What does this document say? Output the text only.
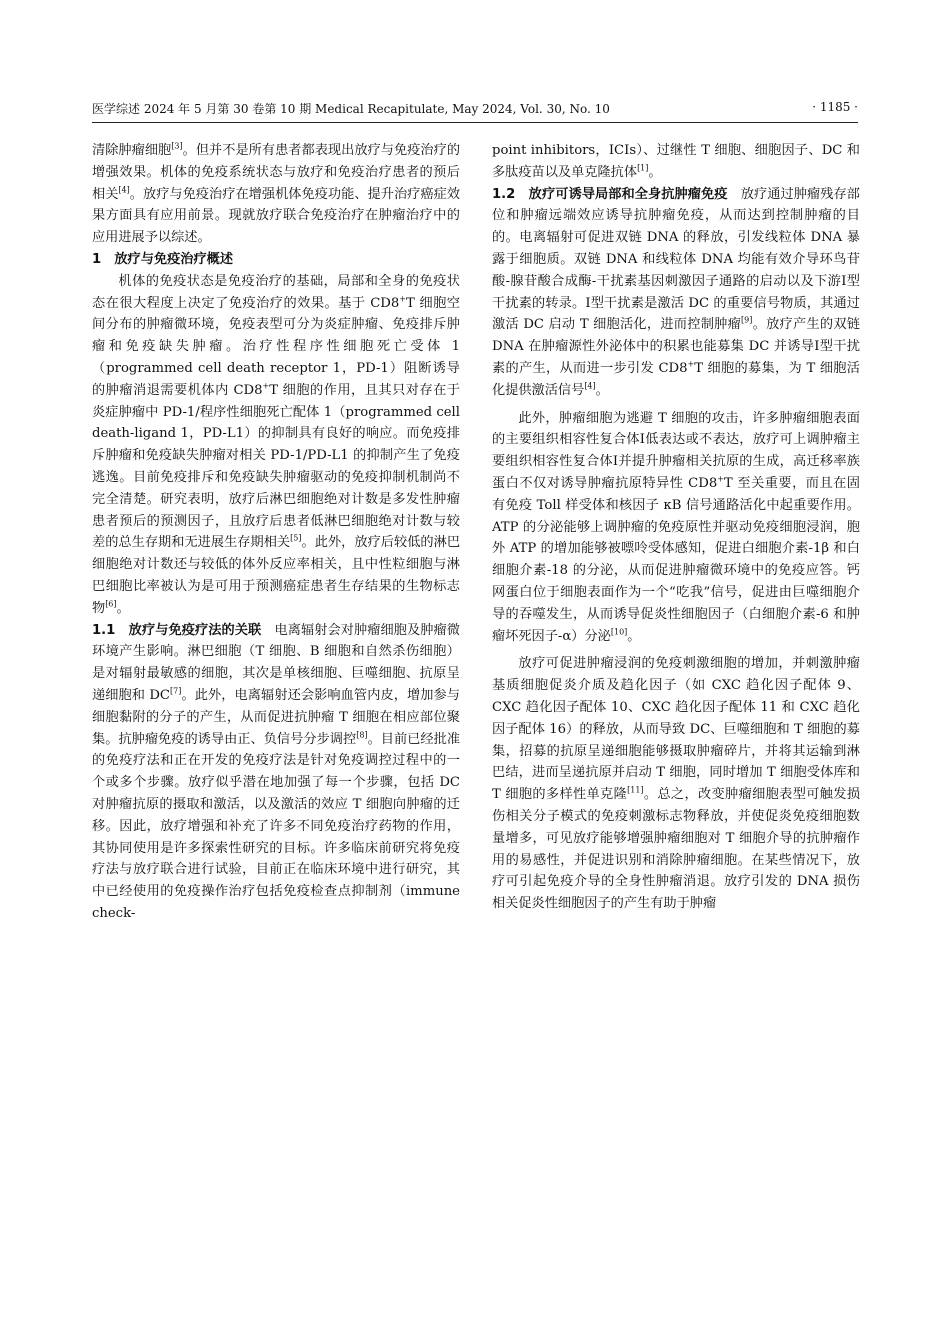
医学综述 2024 年 5 月第 30 卷第 10 期 Medical Recapitulate, May 2024, Vol. 30, No. 10	· 1185 ·

清除肿瘤细胞[3]。但并不是所有患者都表现出放疗与免疫治疗的增强效果。机体的免疫系统状态与放疗和免疫治疗患者的预后相关[4]。放疗与免疫治疗在增强机体免疫功能、提升治疗癌症效果方面具有应用前景。现就放疗联合免疫治疗在肿瘤治疗中的应用进展予以综述。

1　放疗与免疫治疗概述

机体的免疫状态是免疫治疗的基础，局部和全身的免疫状态在很大程度上决定了免疫治疗的效果。基于 CD8+T 细胞空间分布的肿瘤微环境，免疫表型可分为炎症肿瘤、免疫排斥肿瘤和免疫缺失肿瘤。治疗性程序性细胞死亡受体 1（programmed cell death receptor 1，PD-1）阻断诱导的肿瘤消退需要机体内 CD8+T 细胞的作用，且其只对存在于炎症肿瘤中 PD-1/程序性细胞死亡配体 1（programmed cell death-ligand 1，PD-L1）的抑制具有良好的响应。而免疫排斥肿瘤和免疫缺失肿瘤对相关 PD-1/PD-L1 的抑制产生了免疫逃逸。目前免疫排斥和免疫缺失肿瘤驱动的免疫抑制机制尚不完全清楚。研究表明，放疗后淋巴细胞绝对计数是多发性肿瘤患者预后的预测因子，且放疗后患者低淋巴细胞绝对计数与较差的总生存期和无进展生存期相关[5]。此外，放疗后较低的淋巴细胞绝对计数还与较低的体外反应率相关，且中性粒细胞与淋巴细胞比率被认为是可用于预测癌症患者生存结果的生物标志物[6]。

1.1　放疗与免疫疗法的关联　电离辐射会对肿瘤细胞及肿瘤微环境产生影响。淋巴细胞（T 细胞、B 细胞和自然杀伤细胞）是对辐射最敏感的细胞，其次是单核细胞、巨噬细胞、抗原呈递细胞和 DC[7]。此外，电离辐射还会影响血管内皮，增加参与细胞黏附的分子的产生，从而促进抗肿瘤 T 细胞在相应部位聚集。抗肿瘤免疫的诱导由正、负信号分步调控[8]。目前已经批准的免疫疗法和正在开发的免疫疗法是针对免疫调控过程中的一个或多个步骤。放疗似乎潜在地加强了每一个步骤，包括 DC 对肿瘤抗原的摄取和激活，以及激活的效应 T 细胞向肿瘤的迁移。因此，放疗增强和补充了许多不同免疫治疗药物的作用，其协同使用是许多探索性研究的目标。许多临床前研究将免疫疗法与放疗联合进行试验，目前正在临床环境中进行研究，其中已经使用的免疫操作治疗包括免疫检查点抑制剂（immune check-

point inhibitors，ICIs）、过继性 T 细胞、细胞因子、DC 和多肽疫苗以及单克隆抗体[1]。

1.2　放疗可诱导局部和全身抗肿瘤免疫　放疗通过肿瘤残存部位和肿瘤远端效应诱导抗肿瘤免疫，从而达到控制肿瘤的目的。电离辐射可促进双链 DNA 的释放，引发线粒体 DNA 暴露于细胞质。双链 DNA 和线粒体 DNA 均能有效介导环鸟苷酸-腺苷酸合成酶-干扰素基因刺激因子通路的启动以及下游Ⅰ型干扰素的转录。Ⅰ型干扰素是激活 DC 的重要信号物质，其通过激活 DC 启动 T 细胞活化，进而控制肿瘤[9]。放疗产生的双链 DNA 在肿瘤源性外泌体中的积累也能募集 DC 并诱导Ⅰ型干扰素的产生，从而进一步引发 CD8+T 细胞的募集，为 T 细胞活化提供激活信号[4]。

此外，肿瘤细胞为逃避 T 细胞的攻击，许多肿瘤细胞表面的主要组织相容性复合体Ⅰ低表达或不表达，放疗可上调肿瘤主要组织相容性复合体Ⅰ并提升肿瘤相关抗原的生成，高迁移率族蛋白不仅对诱导肿瘤抗原特异性 CD8+T 至关重要，而且在固有免疫 Toll 样受体和核因子 κB 信号通路活化中起重要作用。ATP 的分泌能够上调肿瘤的免疫原性并驱动免疫细胞浸润，胞外 ATP 的增加能够被嘌呤受体感知，促进白细胞介素-1β 和白细胞介素-18 的分泌，从而促进肿瘤微环境中的免疫应答。钙网蛋白位于细胞表面作为一个“吃我”信号，促进由巨噬细胞介导的吞噬发生，从而诱导促炎性细胞因子（白细胞介素-6 和肿瘤坏死因子-α）分泌[10]。

放疗可促进肿瘤浸润的免疫刺激细胞的增加，并刺激肿瘤基质细胞促炎介质及趋化因子（如 CXC 趋化因子配体 9、CXC 趋化因子配体 10、CXC 趋化因子配体 11 和 CXC 趋化因子配体 16）的释放，从而导致 DC、巨噬细胞和 T 细胞的募集，招募的抗原呈递细胞能够摄取肿瘤碎片，并将其运输到淋巴结，进而呈递抗原并启动 T 细胞，同时增加 T 细胞受体库和 T 细胞的多样性单克隆[11]。总之，改变肿瘤细胞表型可触发损伤相关分子模式的免疫刺激标志物释放，并使促炎免疫细胞数量增多，可见放疗能够增强肿瘤细胞对 T 细胞介导的抗肿瘤作用的易感性，并促进识别和消除肿瘤细胞。在某些情况下，放疗可引起免疫介导的全身性肿瘤消退。放疗引发的 DNA 损伤相关促炎性细胞因子的产生有助于肿瘤
